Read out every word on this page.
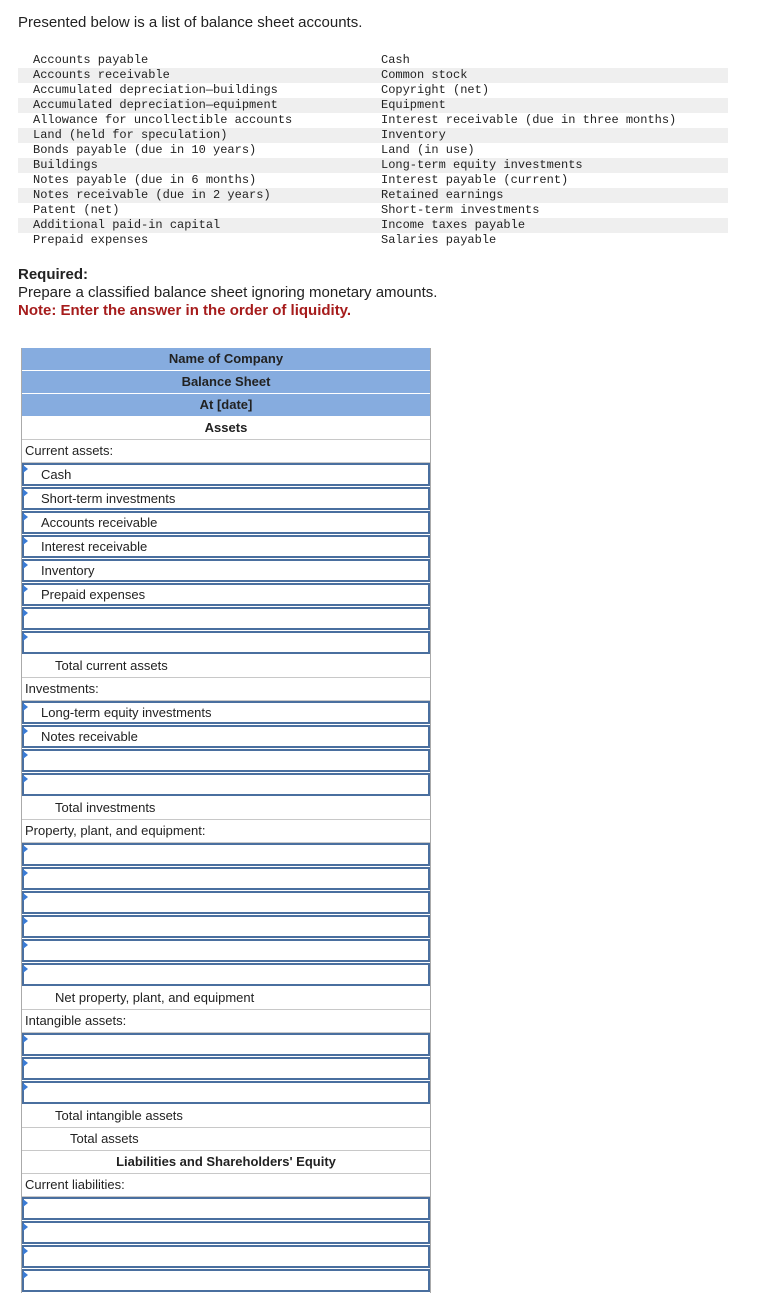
Presented below is a list of balance sheet accounts.
Accounts payable	Cash
Accounts receivable	Common stock
Accumulated depreciation—buildings	Copyright (net)
Accumulated depreciation—equipment	Equipment
Allowance for uncollectible accounts	Interest receivable (due in three months)
Land (held for speculation)	Inventory
Bonds payable (due in 10 years)	Land (in use)
Buildings	Long-term equity investments
Notes payable (due in 6 months)	Interest payable (current)
Notes receivable (due in 2 years)	Retained earnings
Patent (net)	Short-term investments
Additional paid-in capital	Income taxes payable
Prepaid expenses	Salaries payable
Required:
Prepare a classified balance sheet ignoring monetary amounts.
Note: Enter the answer in the order of liquidity.
Name of Company
Balance Sheet
At [date]
Assets
Current assets:
Cash
Short-term investments
Accounts receivable
Interest receivable
Inventory
Prepaid expenses
Total current assets
Investments:
Long-term equity investments
Notes receivable
Total investments
Property, plant, and equipment:
Net property, plant, and equipment
Intangible assets:
Total intangible assets
Total assets
Liabilities and Shareholders' Equity
Current liabilities:
